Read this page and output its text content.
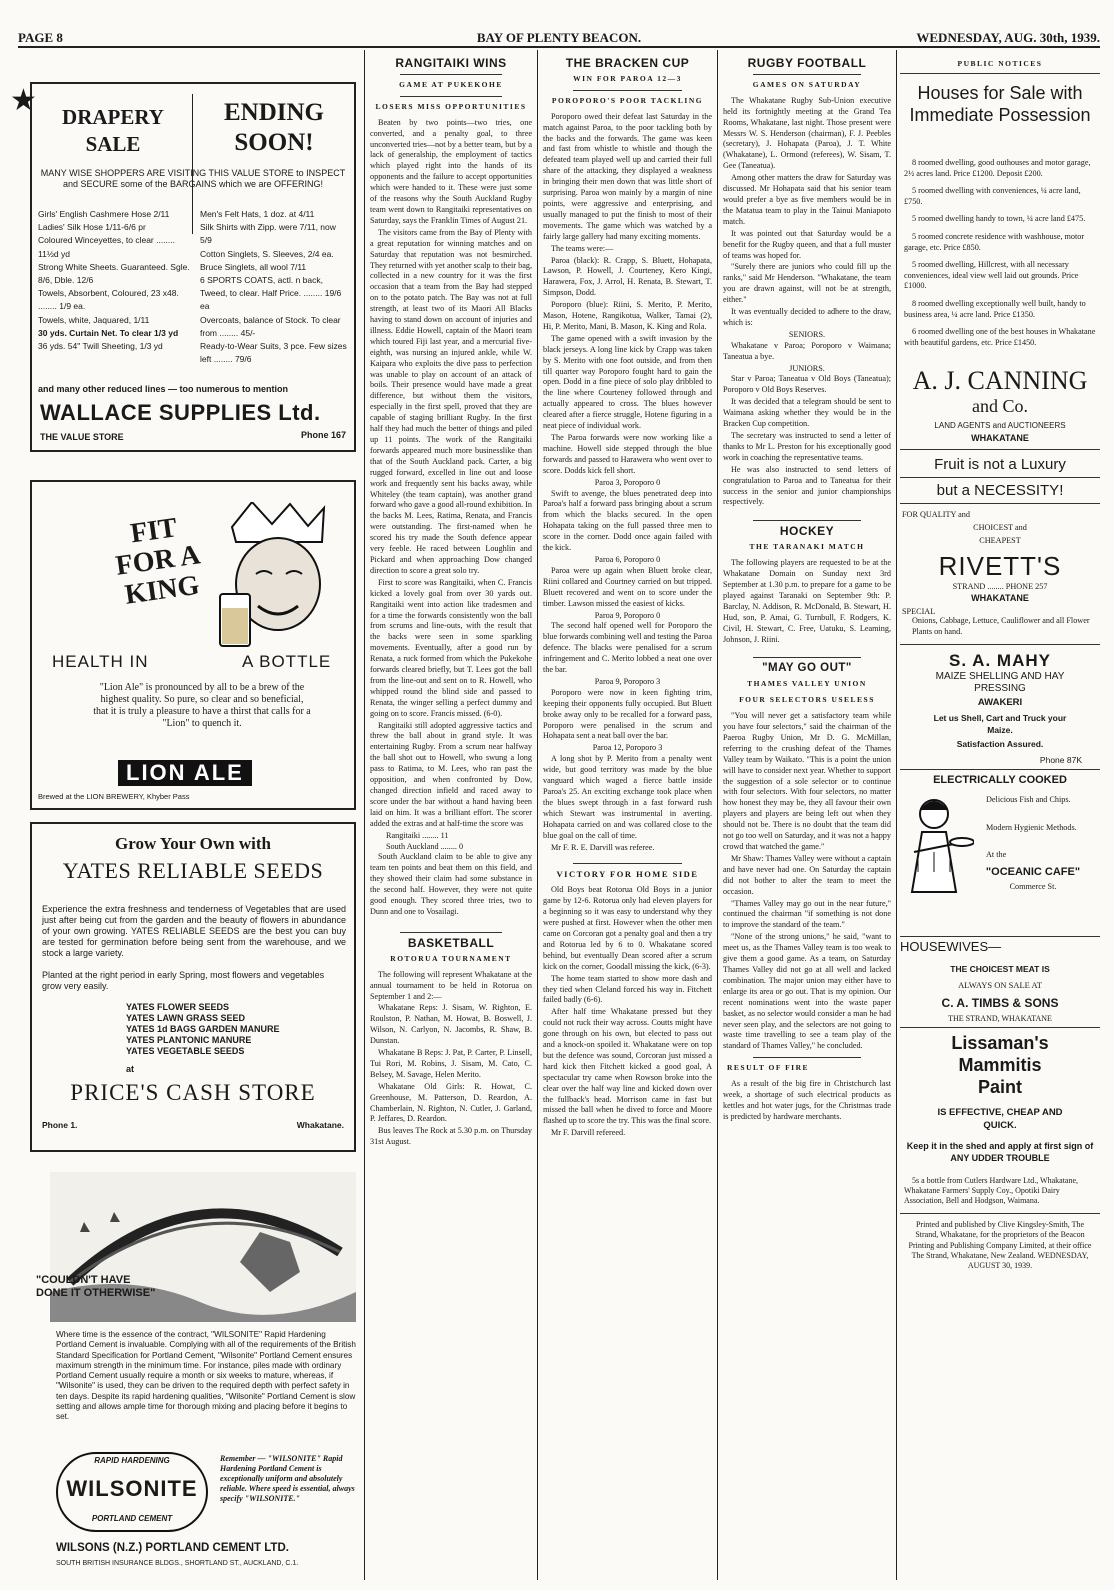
PAGE 8	BAY OF PLENTY BEACON.	WEDNESDAY, AUG. 30th, 1939.
★	DRAPERY
SALE
ENDING
SOON!
MANY WISE SHOPPERS ARE VISITING THIS VALUE STORE to INSPECT and SECURE some of the BARGAINS which we are OFFERING!
Girls' English Cashmere Hose 2/11
Ladies' Silk Hose 1/11-6/6 pr
Coloured Winceyettes, to clear ........ 11½d yd
Strong White Sheets. Guaranteed. Sgle. 8/6, Dble. 12/6
Towels, Absorbent, Coloured, 23 x48. ........ 1/9 ea.
Towels, white, Jaquared, 1/11
30 yds. Curtain Net. To clear 1/3 yd
36 yds. 54" Twill Sheeting, 1/3 yd
Men's Felt Hats, 1 doz. at 4/11
Silk Shirts with Zipp. were 7/11, now 5/9
Cotton Singlets, S. Sleeves, 2/4 ea.
Bruce Singlets, all wool 7/11
6 SPORTS COATS, actl. n back, Tweed, to clear. Half Price. ........ 19/6 ea
Overcoats, balance of Stock. To clear from ........ 45/-
Ready-to-Wear Suits, 3 pce. Few sizes left ........ 79/6
and many other reduced lines — too numerous to mention
WALLACE SUPPLIES Ltd.
THE VALUE STORE	Phone 167
FIT
FOR A
KING
HEALTH IN	A BOTTLE
"Lion Ale" is pronounced by all to be a brew of the highest quality. So pure, so clear and so beneficial, that it is truly a pleasure to have a thirst that calls for a "Lion" to quench it.
LION ALE
Brewed at the LION BREWERY, Khyber Pass
Grow Your Own with
YATES RELIABLE SEEDS
Experience the extra freshness and tenderness of Vegetables that are used just after being cut from the garden and the beauty of flowers in abundance of your own growing. YATES RELIABLE SEEDS are the best you can buy are tested for germination before being sent from the warehouse, and we stock a large variety.
Planted at the right period in early Spring, most flowers and vegetables grow very easily.
YATES FLOWER SEEDS
YATES LAWN GRASS SEED
YATES 1d BAGS GARDEN MANURE
YATES PLANTONIC MANURE
YATES VEGETABLE SEEDS
at
PRICE'S CASH STORE
Phone 1.	Whakatane.
"COULDN'T HAVE
DONE IT OTHERWISE"
Where time is the essence of the contract, "WILSONITE" Rapid Hardening Portland Cement is invaluable. Complying with all of the requirements of the British Standard Specification for Portland Cement, "Wilsonite" Portland Cement ensures maximum strength in the minimum time. For instance, piles made with ordinary Portland Cement usually require a month or six weeks to mature, whereas, if "Wilsonite" is used, they can be driven to the required depth with perfect safety in ten days. Despite its rapid hardening qualities, "Wilsonite" Portland Cement is slow setting and allows ample time for thorough mixing and placing before it begins to set.
RAPID HARDENING
WILSONITE
PORTLAND CEMENT
Remember — "WILSONITE" Rapid Hardening Portland Cement is exceptionally uniform and absolutely reliable. Where speed is essential, always specify "WILSONITE."
WILSONS (N.Z.) PORTLAND CEMENT LTD.
SOUTH BRITISH INSURANCE BLDGS., SHORTLAND ST., AUCKLAND, C.1.
RANGITAIKI WINS
GAME AT PUKEKOHE
LOSERS MISS OPPORTUNITIES

Beaten by two points—two tries, one converted, and a penalty goal, to three unconverted tries—not by a better team, but by a lack of generalship, the employment of tactics which played right into the hands of its opponents and the failure to accept opportunities which were handed to it. These were just some of the reasons why the South Auckland Rugby team went down to Rangitaiki representatives on Saturday, says the Franklin Times of August 21.

The visitors came from the Bay of Plenty with a great reputation for winning matches and on Saturday that reputation was not besmirched. They returned with yet another scalp to their bag, collected in a new country for it was the first occasion that a team from the Bay had stepped on to the potato patch. The Bay was not at full strength, at least two of its Maori All Blacks having to stand down on account of injuries and illness. Eddie Howell, captain of the Maori team which toured Fiji last year, and a mercurial five-eighth, was nursing an injured ankle, while W. Kaipara who exploits the dive pass to perfection was unable to play on account of an attack of boils. Their presence would have made a great difference, but without them the visitors, especially in the first spell, proved that they are capable of staging brilliant Rugby. In the first half they had much the better of things and piled up 11 points. The work of the Rangitaiki forwards appeared much more businesslike than that of the South Auckland pack. Carter, a big rugged forward, excelled in line out and loose work and frequently sent his backs away, while Whiteley (the team captain), was another grand forward who gave a good all-round exhibition. In the backs M. Lees, Ratima, Renata, and Francis were outstanding. The first-named when he scored his try made the South defence appear very feeble. He raced between Loughlin and Pickard and when approaching Dow changed direction to score a great solo try.

First to score was Rangitaiki, when C. Francis kicked a lovely goal from over 30 yards out. Rangitaiki went into action like tradesmen and for a time the forwards consistently won the ball from scrums and line-outs, with the result that the backs were seen in some sparkling movements. Eventually, after a good run by Renata, a ruck formed from which the Pukekohe forwards cleared briefly, but T. Lees got the ball from the line-out and sent on to R. Howell, who whipped round the blind side and passed to Renata, the winger selling a perfect dummy and going on to score. Francis missed. (6-0).

Rangitaiki still adopted aggressive tactics and threw the ball about in grand style. It was entertaining Rugby. From a scrum near halfway the ball shot out to Howell, who swung a long pass to Ratima, to M. Lees, who ran past the opposition, and when confronted by Dow, changed direction infield and raced away to score under the bar without a hand having been laid on him. It was a brilliant effort. The scorer added the extras and at half-time the score was

Rangitaiki ........ 11
South Auckland ........ 0

South Auckland claim to be able to give any team ten points and beat them on this field, and they showed their claim had some substance in the second half. However, they were not quite good enough. They scored three tries, two to Dunn and one to Vosailagi.

BASKETBALL
ROTORUA TOURNAMENT

The following will represent Whakatane at the annual tournament to be held in Rotorua on September 1 and 2:—

Whakatane Reps: J. Sisam, W. Righton, E. Roulston, P. Nathan, M. Howat, B. Boswell, J. Wilson, N. Carlyon, N. Jacombs, R. Shaw, B. Dunstan.

Whakatane B Reps: J. Pat, P. Carter, P. Linsell, Tui Rori, M. Robins, J. Sisam, M. Cato, C. Belsey, M. Savage, Helen Merito.

Whakatane Old Girls: R. Howat, C. Greenhouse, M. Patterson, D. Reardon, A. Chamberlain, N. Righton, N. Cutler, J. Garland, P. Jeffares, D. Reardon.

Bus leaves The Rock at 5.30 p.m. on Thursday 31st August.

THE BRACKEN CUP
WIN FOR PAROA 12—3
POROPORO'S POOR TACKLING

Poroporo owed their defeat last Saturday in the match against Paroa, to the poor tackling both by the backs and the forwards. The game was keen and fast from whistle to whistle and though the defeated team played well up and carried their full share of the attacking, they displayed a weakness in bringing their men down that was little short of surprising. Paroa won mainly by a margin of nine points, were aggressive and enterprising, and usually managed to put the finish to most of their movements. The game which was watched by a fairly large gallery had many exciting moments.

The teams were:—

Paroa (black): R. Crapp, S. Bluett, Hohapata, Lawson, P. Howell, J. Courteney, Kero Kingi, Harawera, Fox, J. Arrol, H. Renata, B. Stewart, T. Simpson, Dodd.

Poroporo (blue): Riini, S. Merito, P. Merito, Mason, Hotene, Rangikotua, Walker, Tamai (2), Hi, P. Merito, Mani, B. Mason, K. King and Rola.

The game opened with a swift invasion by the black jerseys. A long line kick by Crapp was taken by S. Merito with one foot outside, and from then till quarter way Poroporo fought hard to gain the open. Dodd in a fine piece of solo play dribbled to the line where Courteney followed through and actually appeared to cross. The blues however cleared after a fierce struggle, Hotene figuring in a neat piece of individual work.

The Paroa forwards were now working like a machine. Howell side stepped through the blue forwards and passed to Harawera who went over to score. Dodds kick fell short.

Paroa 3, Poroporo 0

Swift to avenge, the blues penetrated deep into Paroa's half a forward pass bringing about a scrum from which the blacks secured. In the open Hohapata taking on the full passed three men to score in the corner. Dodd once again failed with the kick.

Paroa 6, Poroporo 0

Paroa were up again when Bluett broke clear, Riini collared and Courtney carried on but tripped. Bluett recovered and went on to score under the timber. Lawson missed the easiest of kicks.

Paroa 9, Poroporo 0

The second half opened well for Poroporo the blue forwards combining well and testing the Paroa defence. The blacks were penalised for a scrum infringement and C. Merito lobbed a neat one over the bar.

Paroa 9, Poroporo 3

Poroporo were now in keen fighting trim, keeping their opponents fully occupied. But Bluett broke away only to be recalled for a forward pass, Poroporo were penalised in the scrum and Hohapata sent a neat ball over the bar.

Paroa 12, Poroporo 3

A long shot by P. Merito from a penalty went wide, but good territory was made by the blue vanguard which waged a fierce battle inside Paroa's 25. An exciting exchange took place when the blues swept through in a fast forward rush which Stewart was instrumental in averting. Hohapata carried on and was collared close to the blue goal on the call of time.

Mr F. R. E. Darvill was referee.

VICTORY FOR HOME SIDE

Old Boys beat Rotorua Old Boys in a junior game by 12-6. Rotorua only had eleven players for a beginning so it was easy to understand why they were pushed at first. However when the other men came on Corcoran got a penalty goal and then a try and Rotorua led by 6 to 0. Whakatane scored behind, but eventually Dean scored after a scrum kick on the corner, Goodall missing the kick, (6-3).

The home team started to show more dash and they tied when Cleland forced his way in. Fitchett failed badly (6-6).

After half time Whakatane pressed but they could not ruck their way across. Coutts might have gone through on his own, but elected to pass out and a knock-on spoiled it. Whakatane were on top but the defence was sound, Corcoran just missed a hard kick then Fitchett kicked a good goal, A spectacular try came when Rowson broke into the clear over the half way line and kicked down over the fullback's head. Morrison came in fast but missed the ball when he dived to force and Moore flashed up to score the try. This was the final score.

Mr F. Darvill refereed.

RUGBY FOOTBALL
GAMES ON SATURDAY

The Whakatane Rugby Sub-Union executive held its fortnightly meeting at the Grand Tea Rooms, Whakatane, last night. Those present were Messrs W. S. Henderson (chairman), F. J. Peebles (secretary), J. Hohapata (Paroa), J. T. White (Whakatane), L. Ormond (referees), W. Sisam, T. Gee (Taneatua).

Among other matters the draw for Saturday was discussed. Mr Hohapata said that his senior team would prefer a bye as five members would be in the Matatua team to play in the Tainui Maniapoto match.

It was pointed out that Saturday would be a benefit for the Rugby queen, and that a full muster of teams was hoped for.

"Surely there are juniors who could fill up the ranks," said Mr Henderson. "Whakatane, the team you are drawn against, will not be at strength, either."

It was eventually decided to adhere to the draw, which is:

SENIORS.

Whakatane v Paroa; Poroporo v Waimana; Taneatua a bye.

JUNIORS.

Star v Paroa; Taneatua v Old Boys (Taneatua); Poroporo v Old Boys Reserves.

It was decided that a telegram should be sent to Waimana asking whether they would be in the Bracken Cup competition.

The secretary was instructed to send a letter of thanks to Mr L. Preston for his exceptionally good work in coaching the representative teams.

He was also instructed to send letters of congratulation to Paroa and to Taneatua for their success in the senior and junior championships respectively.

HOCKEY
THE TARANAKI MATCH

The following players are requested to be at the Whakatane Domain on Sunday next 3rd September at 1.30 p.m. to prepare for a game to be played against Taranaki on September 9th: P. Barclay, N. Addison, R. McDonald, B. Stewart, H. Hud, son, P. Amai, G. Turnbull, F. Rodgers, K. Civil, H. Stewart, C. Free, Uatuku, S. Leaming, Johnson, J. Riini.

"MAY GO OUT"
THAMES VALLEY UNION
FOUR SELECTORS USELESS

"You will never get a satisfactory team while you have four selectors," said the chairman of the Paeroa Rugby Union, Mr D. G. McMillan, referring to the crushing defeat of the Thames Valley team by Waikato. "This is a point the union will have to consider next year. Whether to support the suggestion of a sole selector or to continue with four selectors. With four selectors, no matter how honest they may be, they all favour their own players and players are being left out when they should not be. There is no doubt that the team did not go too well on Saturday, and it was not a happy crowd that watched the game."

Mr Shaw: Thames Valley were without a captain and have never had one. On Saturday the captain did not bother to alter the team to meet the occasion.

"Thames Valley may go out in the near future," continued the chairman "if something is not done to improve the standard of the team."

"None of the strong unions," he said, "want to meet us, as the Thames Valley team is too weak to give them a good game. As a team, on Saturday Thames Valley did not go at all well and lacked combination. The major union may either have to enlarge its area or go out. That is my opinion. Our recent nominations went into the waste paper basket, as no selector would consider a man he had never seen play, and the selectors are not going to waste time travelling to see a team play of the standard of Thames Valley," he concluded.

RESULT OF FIRE

As a result of the big fire in Christchurch last week, a shortage of such electrical products as kettles and hot water jugs, for the Christmas trade is predicted by hardware merchants.

PUBLIC NOTICES
Houses for Sale with Immediate Possession

8 roomed dwelling, good outhouses and motor garage, 2½ acres land. Price £1200. Deposit £200.

5 roomed dwelling with conveniences, ¼ acre land, £750.

5 roomed dwelling handy to town, ¼ acre land £475.

5 roomed concrete residence with washhouse, motor garage, etc. Price £850.

5 roomed dwelling, Hillcrest, with all necessary conveniences, ideal view well laid out grounds. Price £1000.

8 roomed dwelling exceptionally well built, handy to business area, ¼ acre land. Price £1350.

6 roomed dwelling one of the best houses in Whakatane with beautiful gardens, etc. Price £1450.

A. J. CANNING
and Co.
LAND AGENTS and AUCTIONEERS
WHAKATANE
Fruit is not a Luxury
but a NECESSITY!
FOR QUALITY and
CHOICEST and
CHEAPEST
RIVETT'S
STRAND ........ PHONE 257
WHAKATANE
SPECIAL
Onions, Cabbage, Lettuce, Cauliflower and all Flower Plants on hand.
S. A. MAHY
MAIZE SHELLING AND HAY PRESSING
AWAKERI
Let us Shell, Cart and Truck your Maize.
Satisfaction Assured.
Phone 87K
ELECTRICALLY COOKED
Delicious Fish and Chips.
Modern Hygienic Methods.
At the
"OCEANIC CAFE"
Commerce St.
HOUSEWIVES—
THE CHOICEST MEAT IS
ALWAYS ON SALE AT
C. A. TIMBS & SONS
THE STRAND, WHAKATANE
Lissaman's
Mammitis
Paint
IS EFFECTIVE, CHEAP AND QUICK.
Keep it in the shed and apply at first sign of ANY UDDER TROUBLE
5s a bottle from Cutlers Hardware Ltd., Whakatane, Whakatane Farmers' Supply Coy., Opotiki Dairy Association, Bell and Hodgson, Waimana.
Printed and published by Clive Kingsley-Smith, The Strand, Whakatane, for the proprietors of the Beacon Printing and Publishing Company Limited, at their office The Strand, Whakatane, New Zealand. WEDNESDAY, AUGUST 30, 1939.
